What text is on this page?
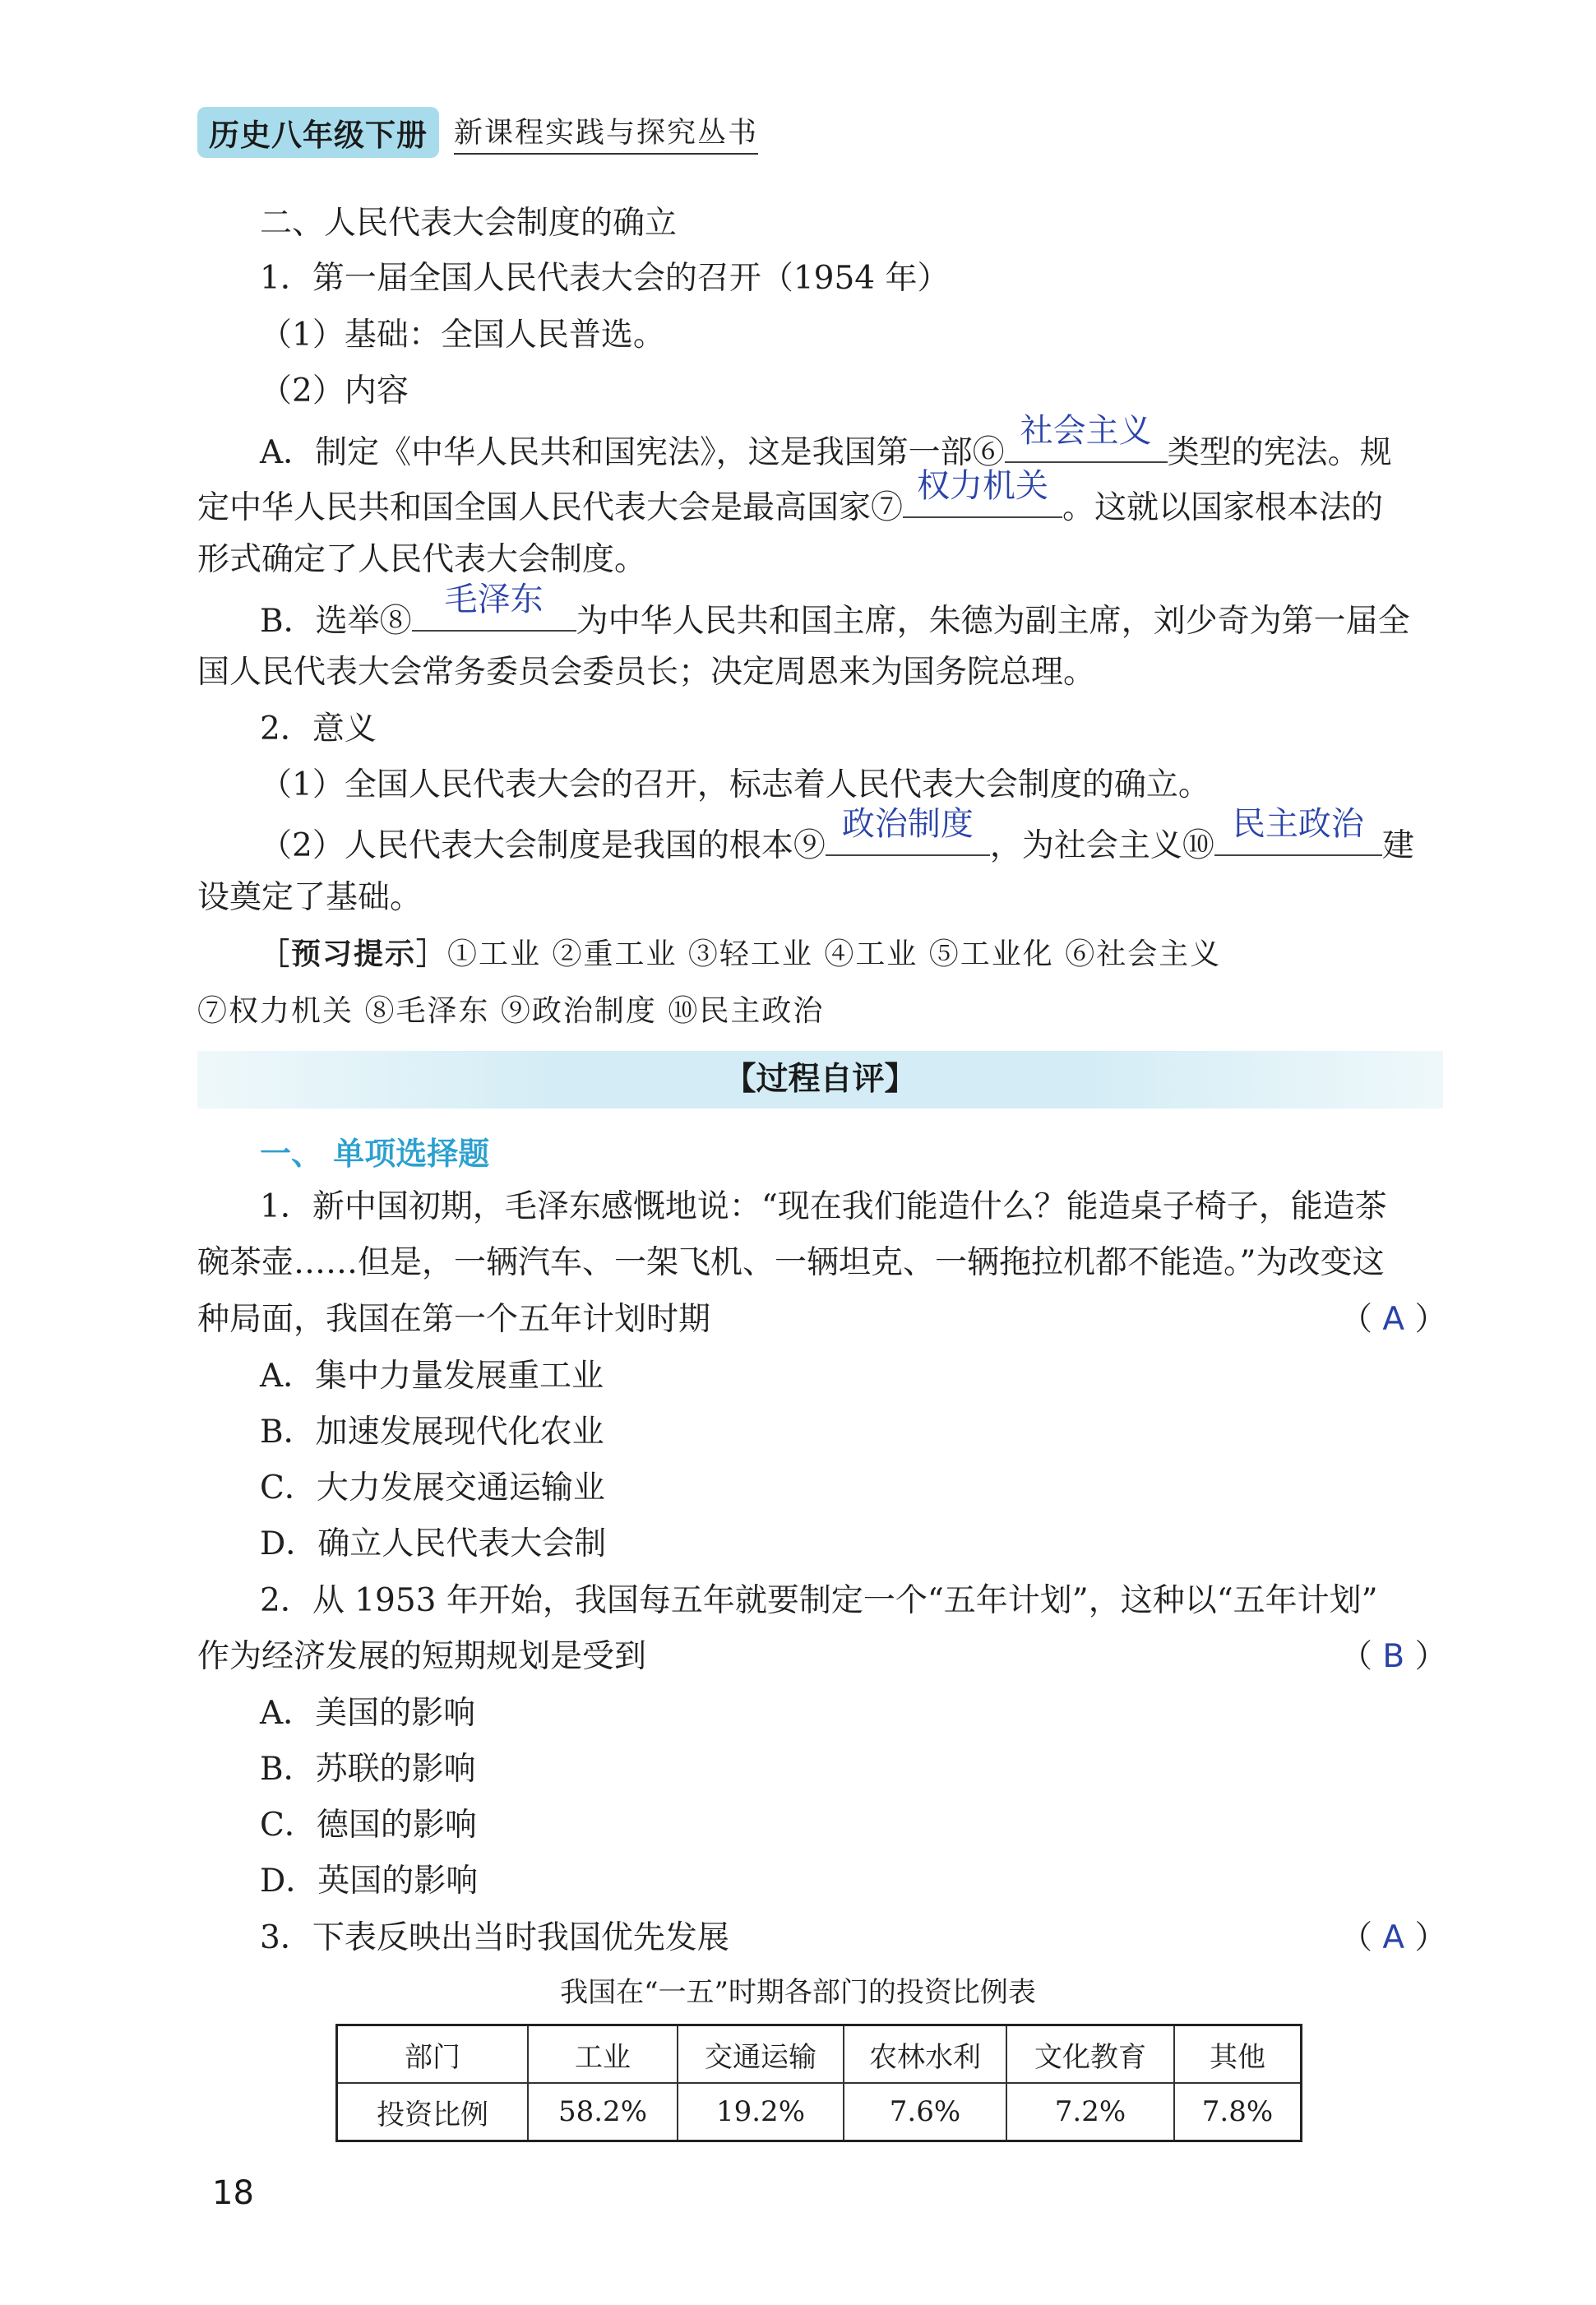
历史八年级下册 新课程实践与探究丛书
二、人民代表大会制度的确立
1．第一届全国人民代表大会的召开（1954 年）
（1）基础：全国人民普选。
（2）内容
A．制定《中华人民共和国宪法》，这是我国第一部⑥
社会主义
类型的宪法。规
定中华人民共和国全国人民代表大会是最高国家⑦
权力机关
。这就以国家根本法的
形式确定了人民代表大会制度。
B．选举⑧
毛泽东
为中华人民共和国主席，朱德为副主席，刘少奇为第一届全
国人民代表大会常务委员会委员长；决定周恩来为国务院总理。
2．意义
（1）全国人民代表大会的召开，标志着人民代表大会制度的确立。
（2）人民代表大会制度是我国的根本⑨
政治制度
，为社会主义⑩
民主政治
建
设奠定了基础。
［预习提示］①工业 ②重工业 ③轻工业 ④工业 ⑤工业化 ⑥社会主义
⑦权力机关 ⑧毛泽东 ⑨政治制度 ⑩民主政治
【过程自评】
一、 单项选择题
1．新中国初期，毛泽东感慨地说：“现在我们能造什么？能造桌子椅子，能造茶
碗茶壶……但是，一辆汽车、一架飞机、一辆坦克、一辆拖拉机都不能造。”为改变这
种局面，我国在第一个五年计划时期	（ A ）
A．集中力量发展重工业
B．加速发展现代化农业
C．大力发展交通运输业
D．确立人民代表大会制
2．从 1953 年开始，我国每五年就要制定一个“五年计划”，这种以“五年计划”
作为经济发展的短期规划是受到	（ B ）
A．美国的影响
B．苏联的影响
C．德国的影响
D．英国的影响
3．下表反映出当时我国优先发展	（ A ）
我国在“一五”时期各部门的投资比例表
部门	工业	交通运输	农林水利	文化教育	其他
投资比例	58.2%	19.2%	7.6%	7.2%	7.8%
18
